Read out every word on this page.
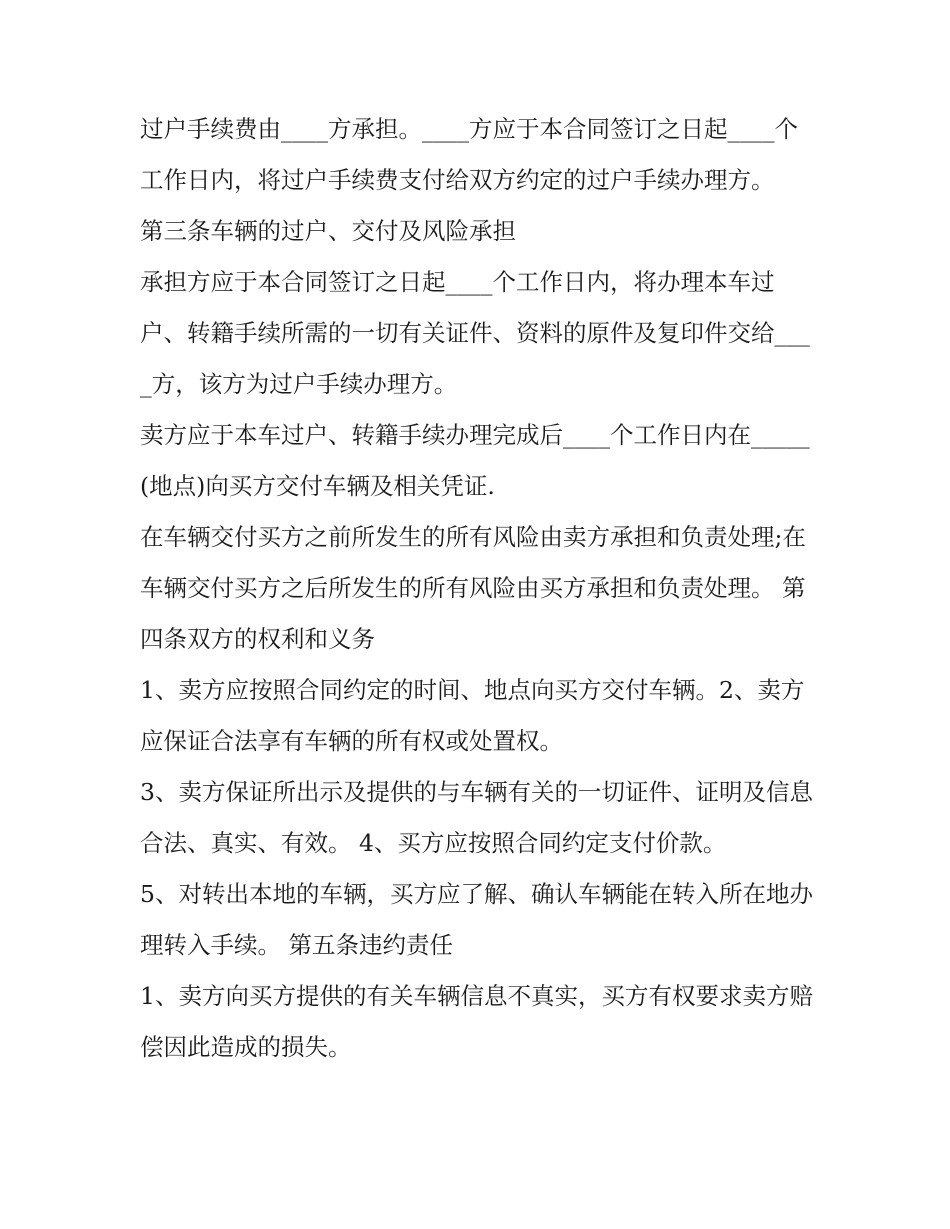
过户手续费由____方承担。____方应于本合同签订之日起____个工作日内，将过户手续费支付给双方约定的过户手续办理方。

第三条车辆的过户、交付及风险承担

承担方应于本合同签订之日起____个工作日内，将办理本车过户、转籍手续所需的一切有关证件、资料的原件及复印件交给____方，该方为过户手续办理方。

卖方应于本车过户、转籍手续办理完成后____个工作日内在_____(地点)向买方交付车辆及相关凭证.

在车辆交付买方之前所发生的所有风险由卖方承担和负责处理;在车辆交付买方之后所发生的所有风险由买方承担和负责处理。 第四条双方的权利和义务

1、卖方应按照合同约定的时间、地点向买方交付车辆。2、卖方应保证合法享有车辆的所有权或处置权。

3、卖方保证所出示及提供的与车辆有关的一切证件、证明及信息合法、真实、有效。 4、买方应按照合同约定支付价款。

5、对转出本地的车辆，买方应了解、确认车辆能在转入所在地办理转入手续。 第五条违约责任

1、卖方向买方提供的有关车辆信息不真实，买方有权要求卖方赔偿因此造成的损失。
